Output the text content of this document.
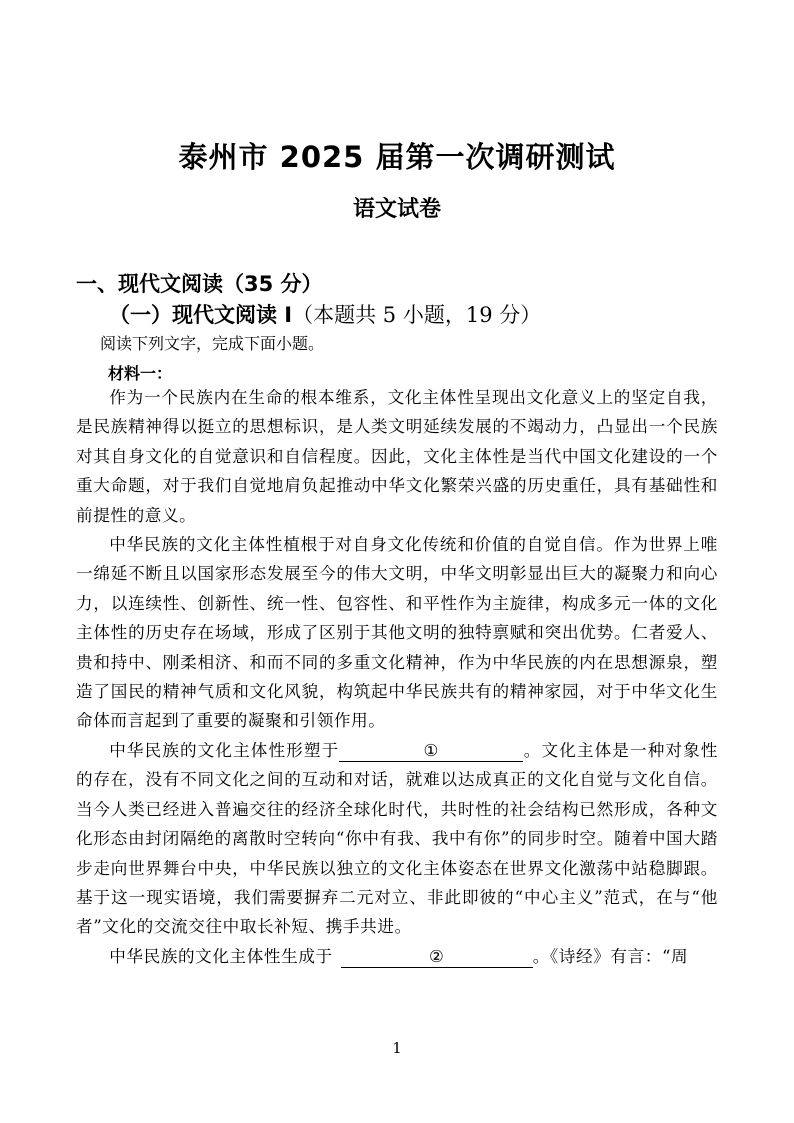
泰州市 2025 届第一次调研测试
语文试卷
一、现代文阅读（35 分）
（一）现代文阅读 I（本题共 5 小题，19 分）
阅读下列文字，完成下面小题。
材料一：

作为一个民族内在生命的根本维系，文化主体性呈现出文化意义上的坚定自我，是民族精神得以挺立的思想标识，是人类文明延续发展的不竭动力，凸显出一个民族对其自身文化的自觉意识和自信程度。因此，文化主体性是当代中国文化建设的一个重大命题，对于我们自觉地肩负起推动中华文化繁荣兴盛的历史重任，具有基础性和前提性的意义。

中华民族的文化主体性植根于对自身文化传统和价值的自觉自信。作为世界上唯一绵延不断且以国家形态发展至今的伟大文明，中华文明彰显出巨大的凝聚力和向心力，以连续性、创新性、统一性、包容性、和平性作为主旋律，构成多元一体的文化主体性的历史存在场域，形成了区别于其他文明的独特禀赋和突出优势。仁者爱人、贵和持中、刚柔相济、和而不同的多重文化精神，作为中华民族的内在思想源泉，塑造了国民的精神气质和文化风貌，构筑起中华民族共有的精神家园，对于中华文化生命体而言起到了重要的凝聚和引领作用。

中华民族的文化主体性形塑于	①	。文化主体是一种对象性的存在，没有不同文化之间的互动和对话，就难以达成真正的文化自觉与文化自信。当今人类已经进入普遍交往的经济全球化时代，共时性的社会结构已然形成，各种文化形态由封闭隔绝的离散时空转向“你中有我、我中有你”的同步时空。随着中国大踏步走向世界舞台中央，中华民族以独立的文化主体姿态在世界文化激荡中站稳脚跟。基于这一现实语境，我们需要摒弃二元对立、非此即彼的“中心主义”范式，在与“他者”文化的交流交往中取长补短、携手共进。

中华民族的文化主体性生成于	②	。《诗经》有言：“周

1
